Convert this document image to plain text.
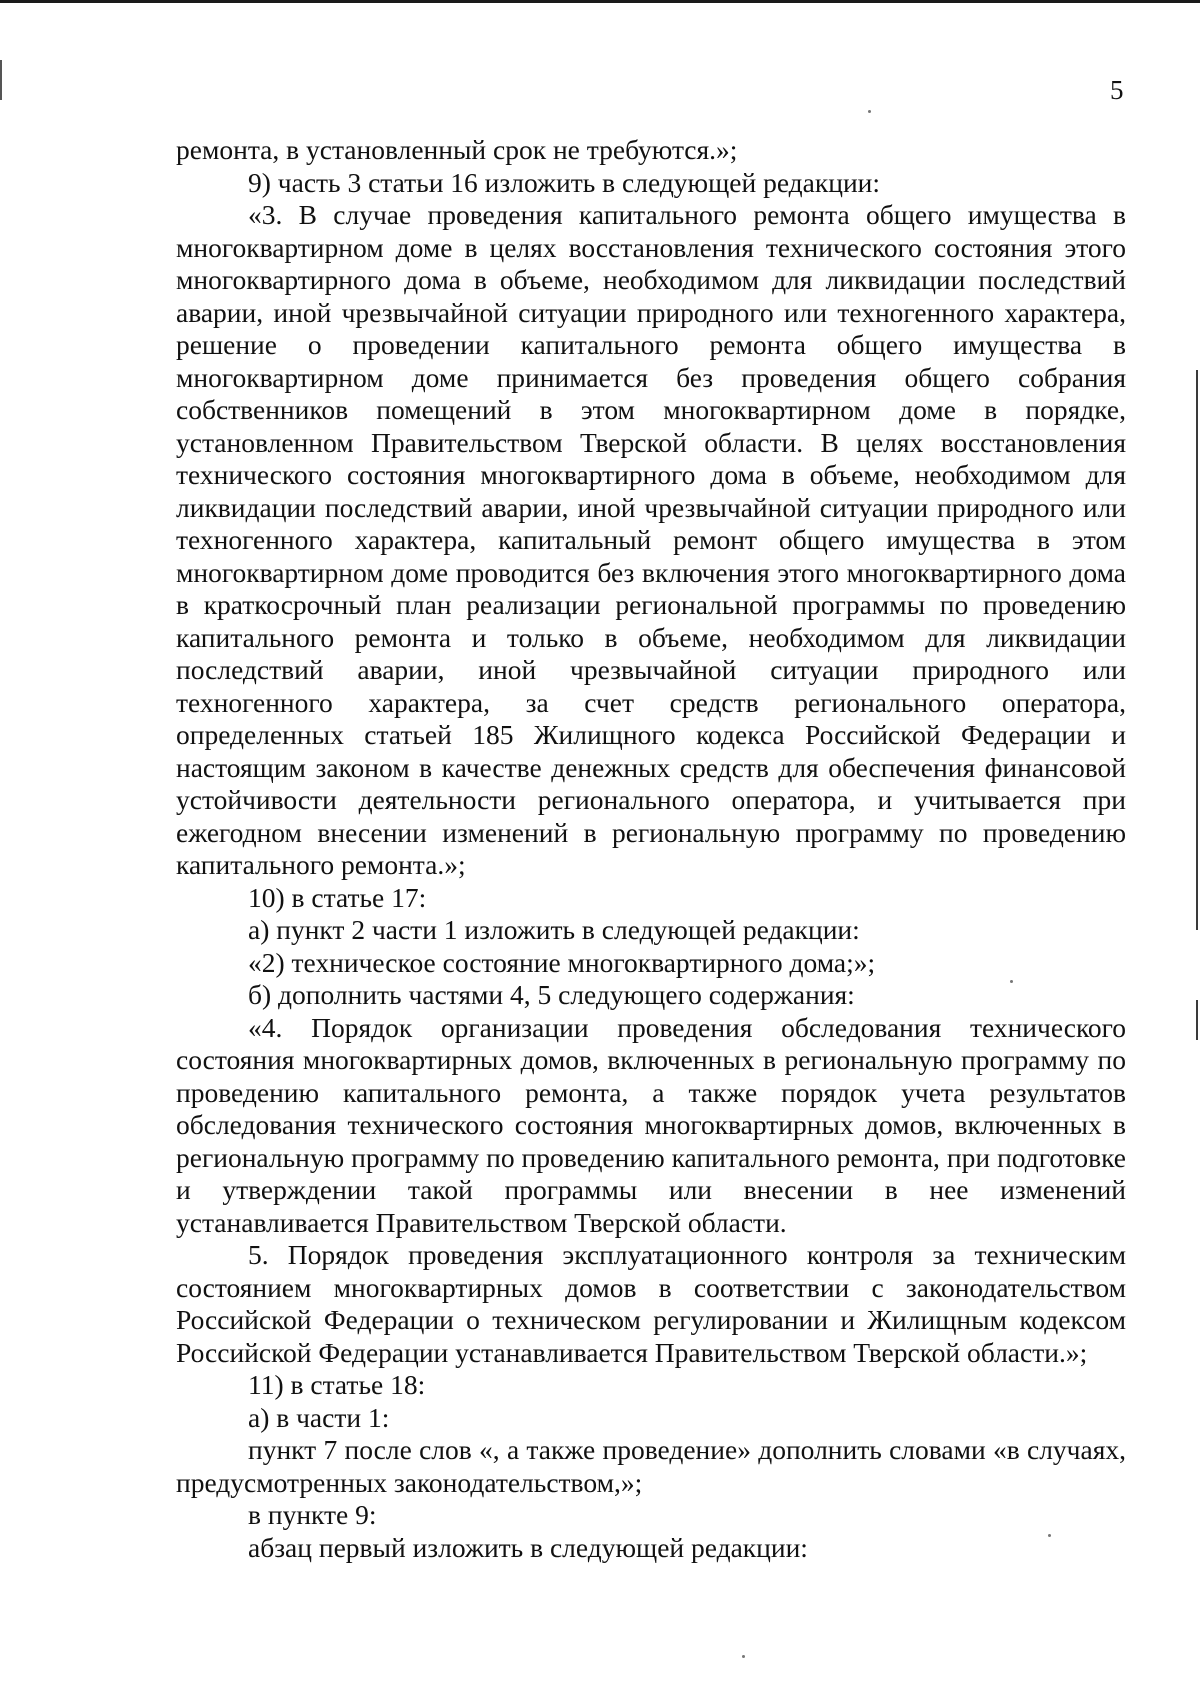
5

ремонта, в установленный срок не требуются.»;

9) часть 3 статьи 16 изложить в следующей редакции:

«3. В случае проведения капитального ремонта общего имущества в многоквартирном доме в целях восстановления технического состояния этого многоквартирного дома в объеме, необходимом для ликвидации последствий аварии, иной чрезвычайной ситуации природного или техногенного характера, решение о проведении капитального ремонта общего имущества в многоквартирном доме принимается без проведения общего собрания собственников помещений в этом многоквартирном доме в порядке, установленном Правительством Тверской области. В целях восстановления технического состояния многоквартирного дома в объеме, необходимом для ликвидации последствий аварии, иной чрезвычайной ситуации природного или техногенного характера, капитальный ремонт общего имущества в этом многоквартирном доме проводится без включения этого многоквартирного дома в краткосрочный план реализации региональной программы по проведению капитального ремонта и только в объеме, необходимом для ликвидации последствий аварии, иной чрезвычайной ситуации природного или техногенного характера, за счет средств регионального оператора, определенных статьей 185 Жилищного кодекса Российской Федерации и настоящим законом в качестве денежных средств для обеспечения финансовой устойчивости деятельности регионального оператора, и учитывается при ежегодном внесении изменений в региональную программу по проведению капитального ремонта.»;

10) в статье 17:

а) пункт 2 части 1 изложить в следующей редакции:

«2) техническое состояние многоквартирного дома;»;

б) дополнить частями 4, 5 следующего содержания:

«4. Порядок организации проведения обследования технического состояния многоквартирных домов, включенных в региональную программу по проведению капитального ремонта, а также порядок учета результатов обследования технического состояния многоквартирных домов, включенных в региональную программу по проведению капитального ремонта, при подготовке и утверждении такой программы или внесении в нее изменений устанавливается Правительством Тверской области.

5. Порядок проведения эксплуатационного контроля за техническим состоянием многоквартирных домов в соответствии с законодательством Российской Федерации о техническом регулировании и Жилищным кодексом Российской Федерации устанавливается Правительством Тверской области.»;

11) в статье 18:

а) в части 1:

пункт 7 после слов «, а также проведение» дополнить словами «в случаях, предусмотренных законодательством,»;

в пункте 9:

абзац первый изложить в следующей редакции:
